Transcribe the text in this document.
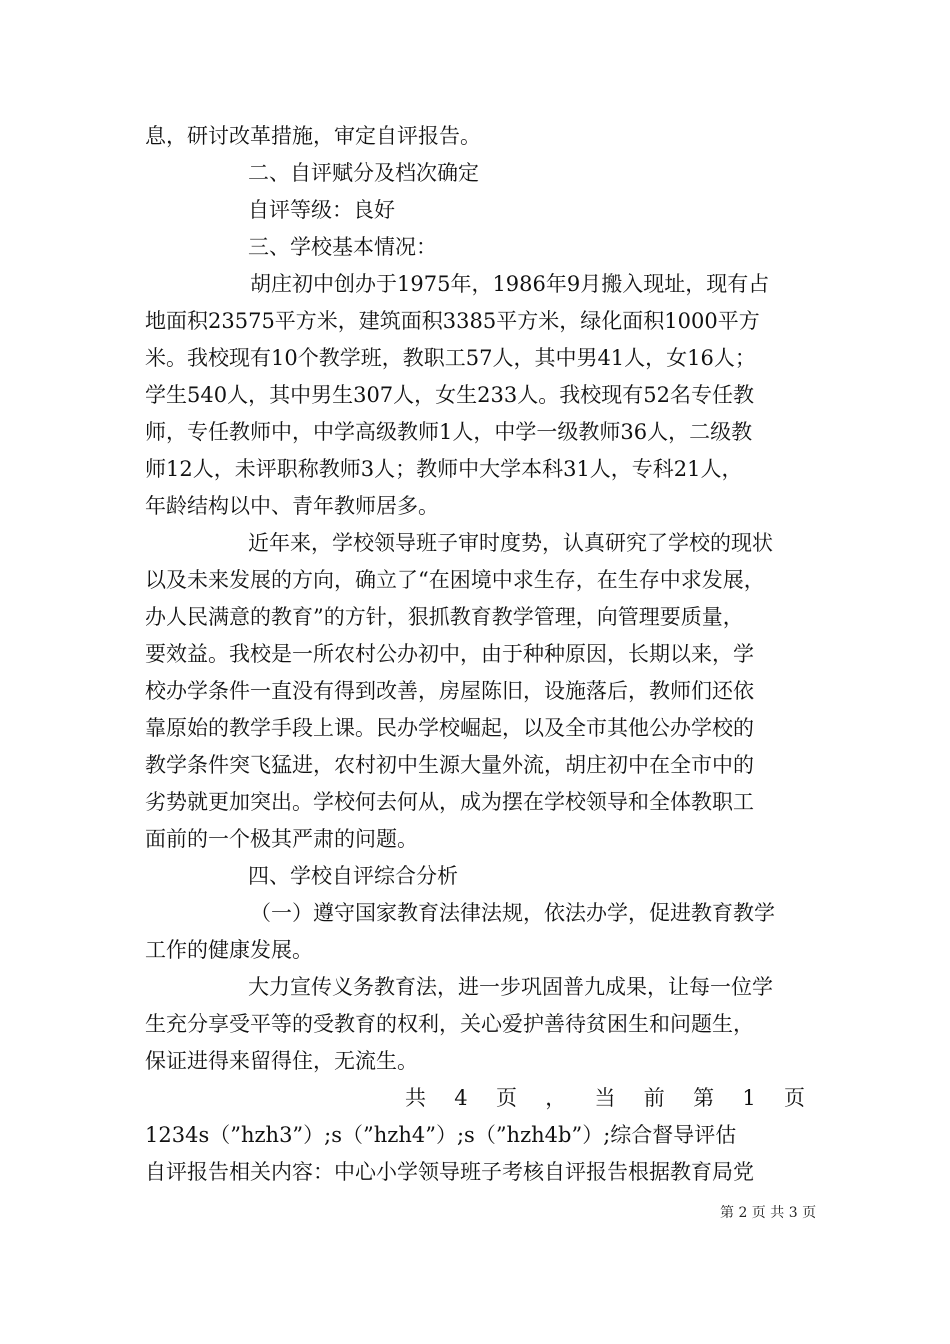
息，研讨改革措施，审定自评报告。
二、自评赋分及档次确定
自评等级：良好
三、学校基本情况：
胡庄初中创办于1975年，1986年9月搬入现址，现有占
地面积23575平方米，建筑面积3385平方米，绿化面积1000平方
米。我校现有10个教学班，教职工57人，其中男41人，女16人；
学生540人，其中男生307人，女生233人。我校现有52名专任教
师，专任教师中，中学高级教师1人，中学一级教师36人，二级教
师12人，未评职称教师3人；教师中大学本科31人，专科21人，
年龄结构以中、青年教师居多。
近年来，学校领导班子审时度势，认真研究了学校的现状
以及未来发展的方向，确立了“在困境中求生存，在生存中求发展，
办人民满意的教育”的方针，狠抓教育教学管理，向管理要质量，
要效益。我校是一所农村公办初中，由于种种原因，长期以来，学
校办学条件一直没有得到改善，房屋陈旧，设施落后，教师们还依
靠原始的教学手段上课。民办学校崛起，以及全市其他公办学校的
教学条件突飞猛进，农村初中生源大量外流，胡庄初中在全市中的
劣势就更加突出。学校何去何从，成为摆在学校领导和全体教职工
面前的一个极其严肃的问题。
四、学校自评综合分析
（一）遵守国家教育法律法规，依法办学，促进教育教学
工作的健康发展。
大力宣传义务教育法，进一步巩固普九成果，让每一位学
生充分享受平等的受教育的权利，关心爱护善待贫困生和问题生，
保证进得来留得住，无流生。
共 4 页 ， 当 前 第 1 页
1234s（”hzh3”）;s（”hzh4”）;s（”hzh4b”）;综合督导评估
自评报告相关内容：中心小学领导班子考核自评报告根据教育局党
第 2 页 共 3 页
